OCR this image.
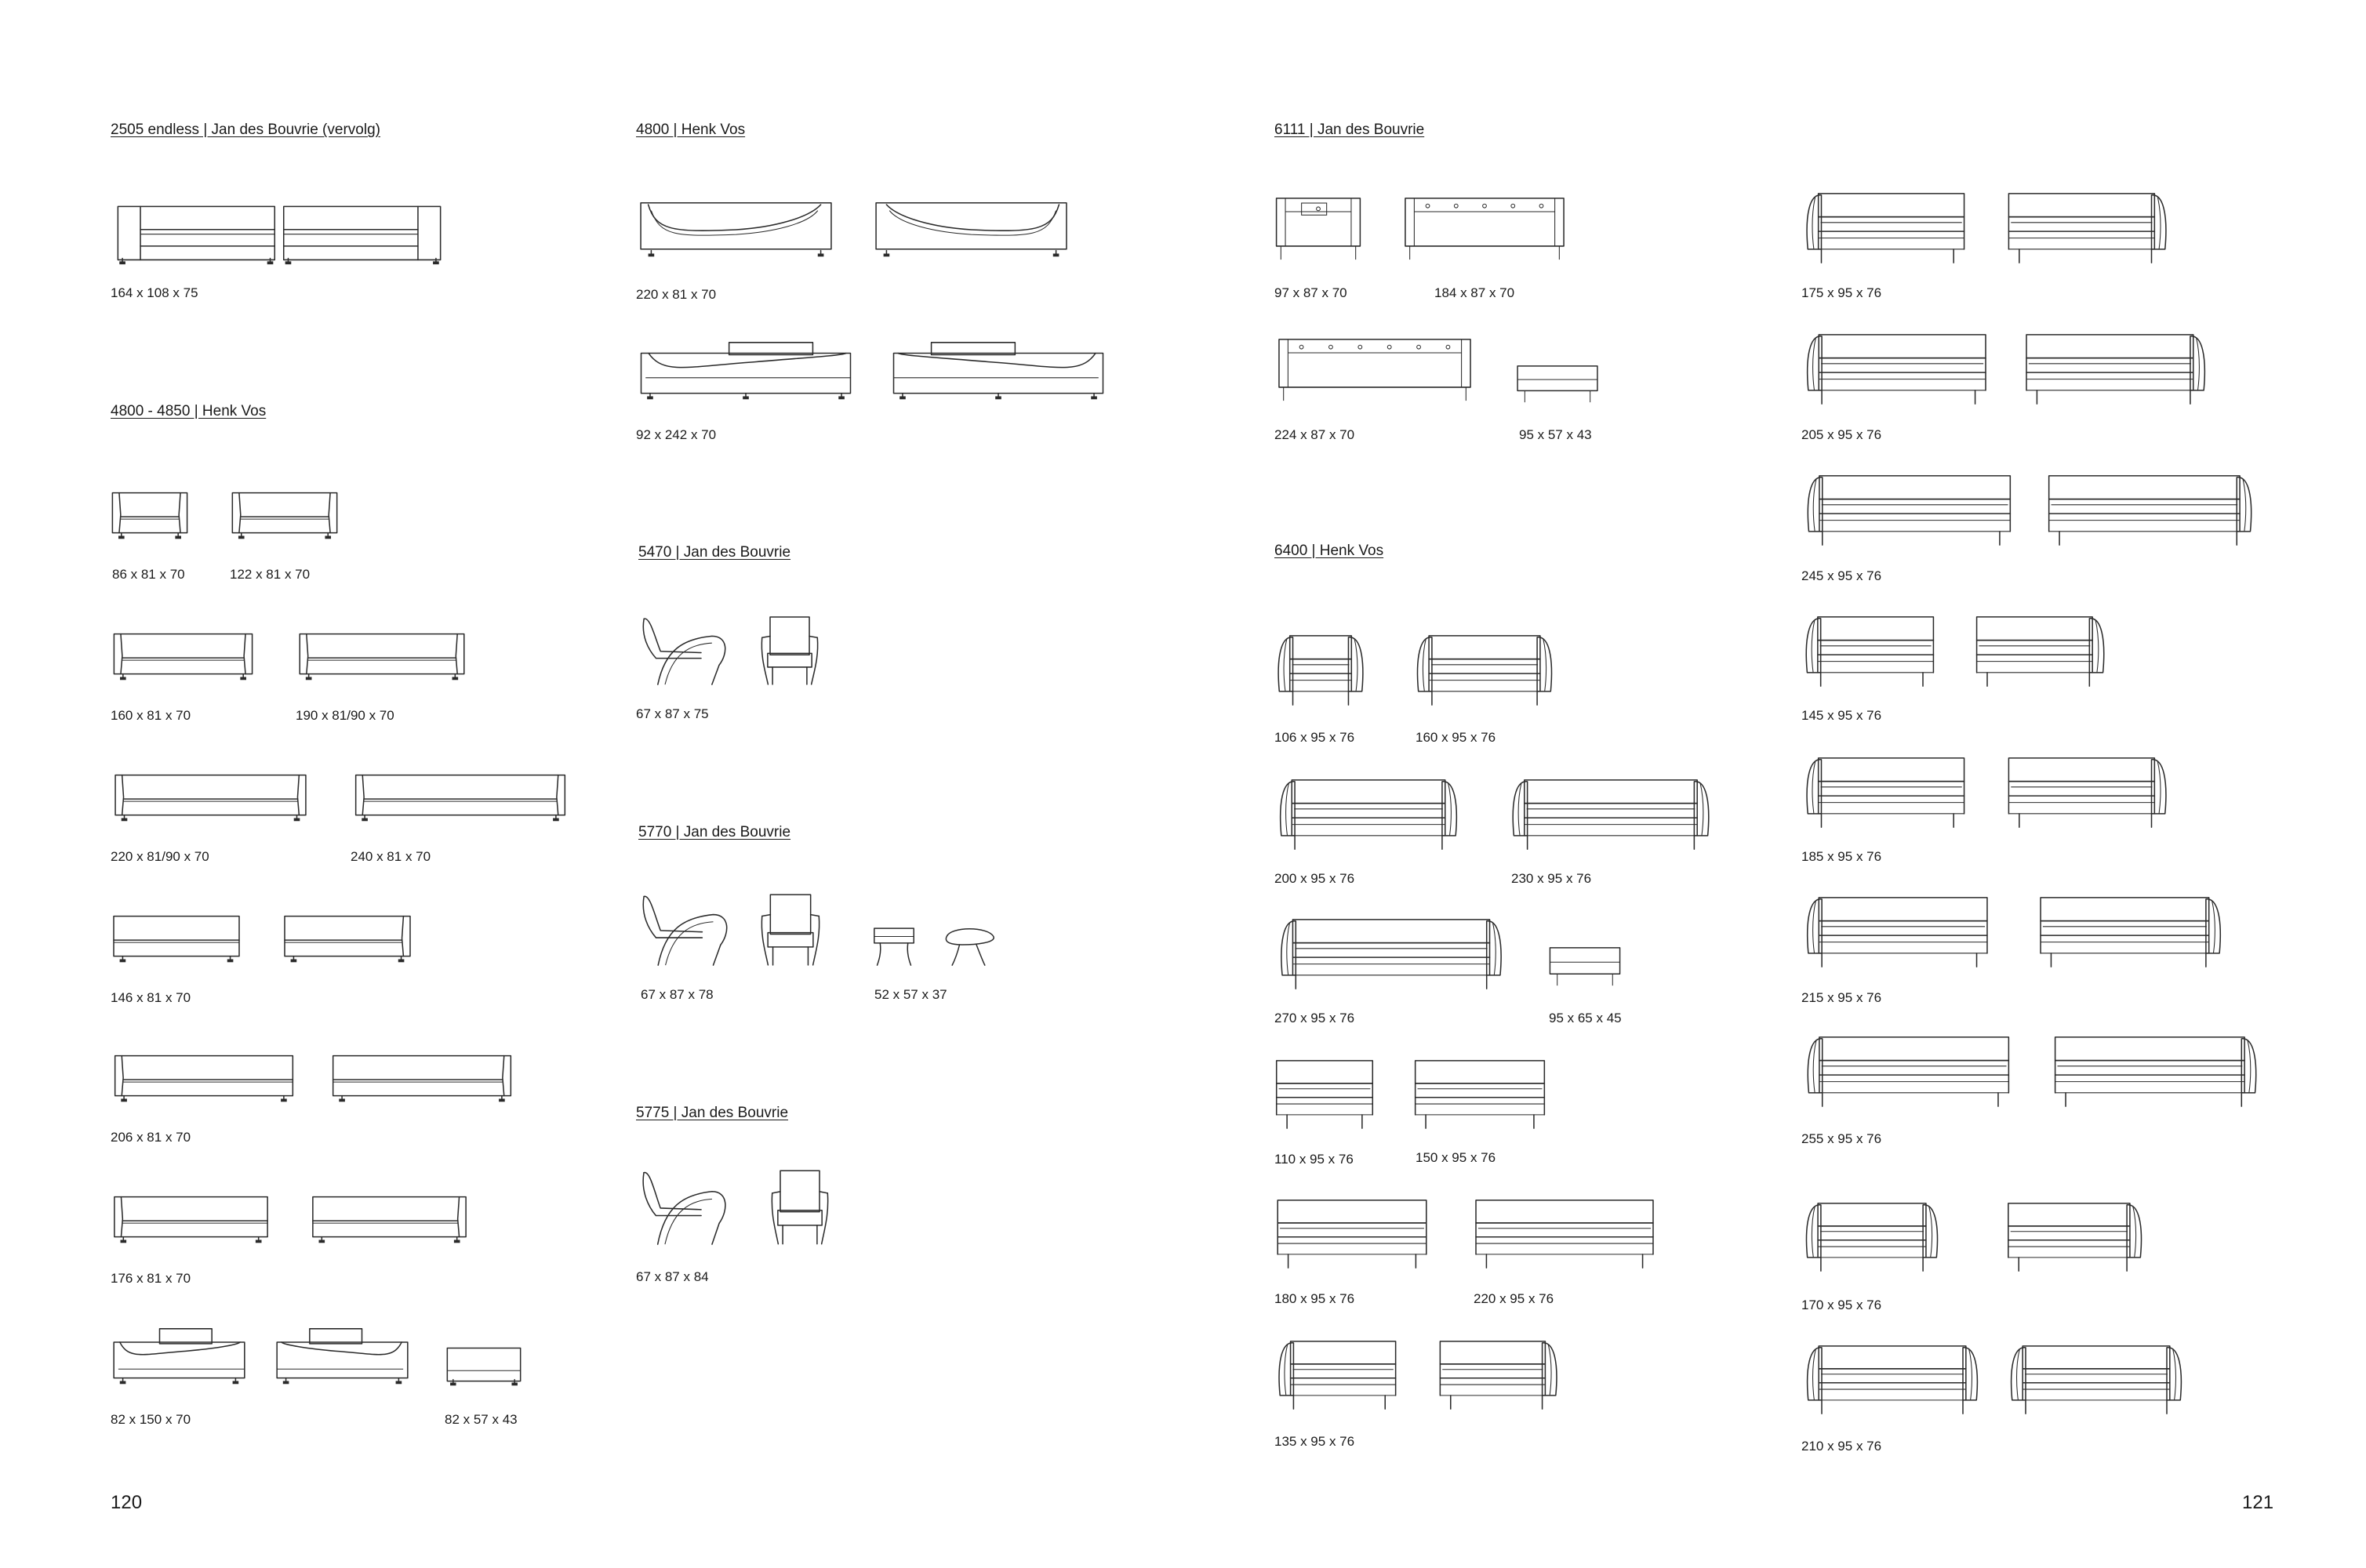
2505 endless | Jan des Bouvrie (vervolg)
164 x 108 x 75
4800 - 4850 | Henk Vos
86 x 81 x 70	122 x 81 x 70
160 x 81 x 70	190 x 81/90 x 70
220 x 81/90 x 70	240 x 81 x 70
146 x 81 x 70
206 x 81 x 70
176 x 81 x 70
82 x 150 x 70	82 x 57 x 43
4800 | Henk Vos
220 x 81 x 70
92 x 242 x 70
5470 | Jan des Bouvrie
67 x 87 x 75
5770 | Jan des Bouvrie
67 x 87 x 78	52 x 57 x 37
5775 | Jan des Bouvrie
67 x 87 x 84
120
6111 | Jan des Bouvrie
97 x 87 x 70	184 x 87 x 70
224 x 87 x 70	95 x 57 x 43
6400 | Henk Vos
106 x 95 x 76	160 x 95 x 76
200 x 95 x 76	230 x 95 x 76
270 x 95 x 76	95 x 65 x 45
110 x 95 x 76	150 x 95 x 76
180 x 95 x 76	220 x 95 x 76
135 x 95 x 76
175 x 95 x 76
205 x 95 x 76
245 x 95 x 76
145 x 95 x 76
185 x 95 x 76
215 x 95 x 76
255 x 95 x 76
170 x 95 x 76
210 x 95 x 76
121
